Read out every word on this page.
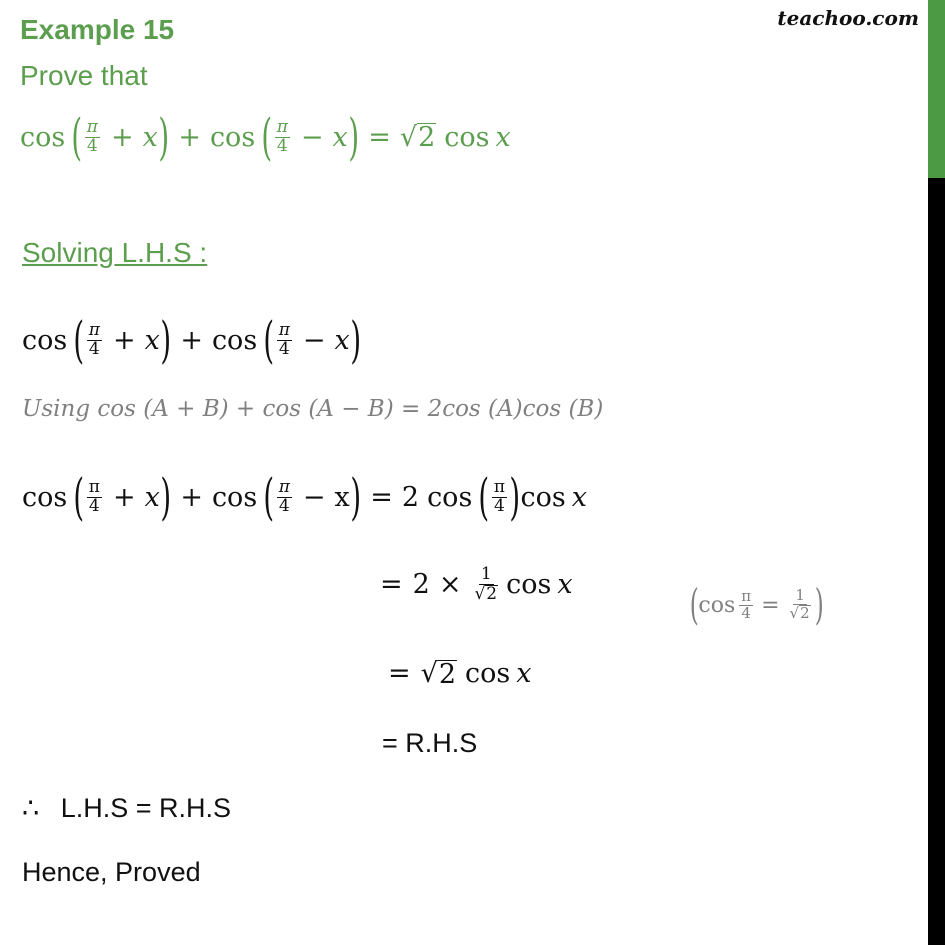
Example 15
Prove that
teachoo.com
cos ( $\frac{\pi}{4} + x$ ) + cos ( $\frac{\pi}{4} - x$ ) = √ 2 cos x
Solving L.H.S :
cos ( $\frac{\pi}{4} + x$ ) + cos ( $\frac{\pi}{4} - x$ )
Using cos (A + B) + cos (A − B) = 2cos (A)cos (B)
cos ( $\frac{\pi}{4} + x$ ) + cos ( $\frac{\pi}{4} - x$ ) = 2 cos ( $\frac{\pi}{4}$ ) cos x
= $2 \times \frac{1}{√ 2}$ cos x	( $\cos \frac{\pi}{4} = \frac{1}{√ 2}$ )
= √ 2 cos x
= R.H.S
∴ L.H.S = R.H.S
Hence, Proved
